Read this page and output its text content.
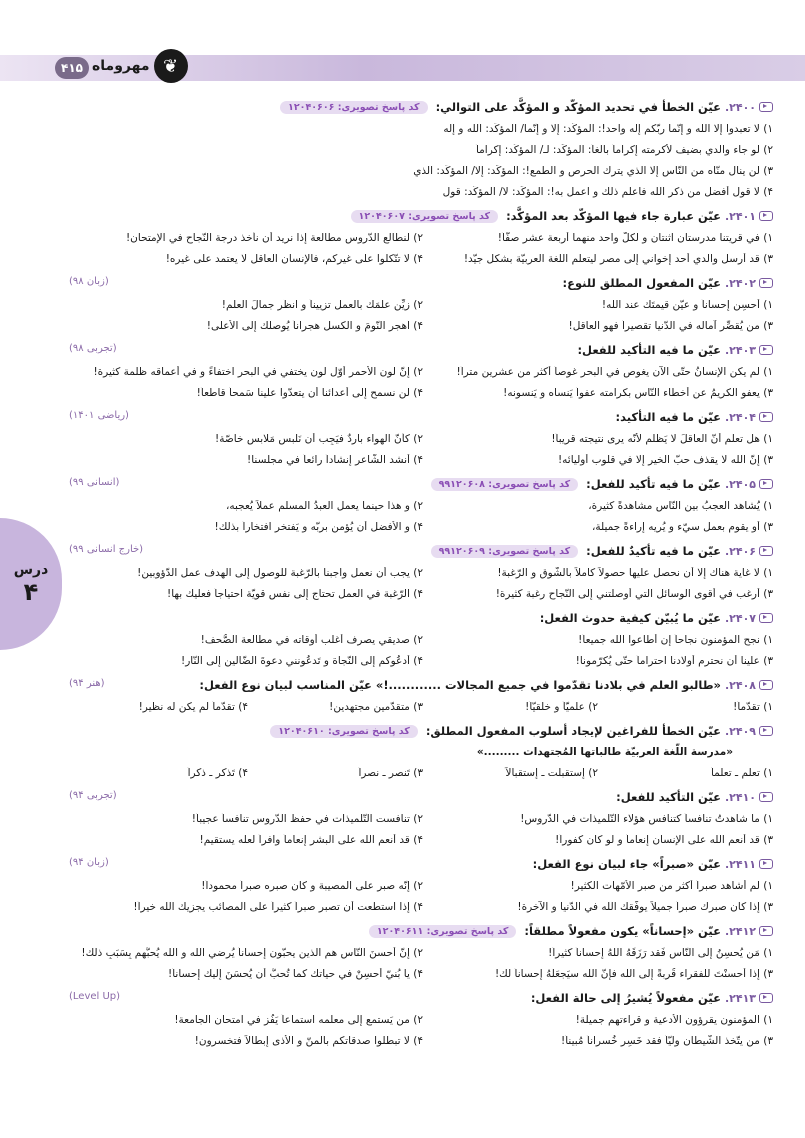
۴۱۵	❦
مهروماه
درس
۴
۲۴۰۰.
عيّن الخطأ في تحديد المؤكّد و المؤكَّد على التوالي:
کد پاسخ تصویری: ۱۲۰۴۰۶۰۶
۱) لا تعبدوا إلّا الله و إنّما ربّكم إله واحد!: المؤكَّد: إلّا و إنّما/ المؤكَّد: الله و إله
۲) لو جاء والدي بضيف لأكرمته إكراماً بالغاً: المؤكِّد: لـ/ المؤكَّد: إكراماً
۳) لن ينال منّاه من النّاس إلّا الّذي يترك الحرص و الطمع!: المؤكِّد: إلّا/ المؤكَّد: الّذي
۴) لا قول أفضل من ذكر الله فاعلم ذلك و اعمل به!: المؤكِّد: لا/ المؤكَّد: قول
۲۴۰۱.
عيّن عبارة جاء فيها المؤكّد بعد المؤكَّد:
کد پاسخ تصویری: ۱۲۰۴۰۶۰۷
۱) في قريتنا مدرستان اثنتان و لكلّ واحد منهما أربعة عشر صفّاً!
۲) لنطالع الدّروس مطالعة إذا نريد أن نأخذ درجة النّجاح في الإمتحان!
۳) قد أرسل والدي أحد إخواني إلى مصر ليتعلّم اللّغة العربيّة بشكل جيّد!
۴) لا تتّكلوا على غيركم، فالإنسان العاقل لا يعتمد على غيره!
۲۴۰۲.
عيّن المفعول المطلق للنوع:
(زبان ۹۸)
۱) أحسِن إحساناً و عيّن قيمتَك عند الله!
۲) زيِّن علمَك بالعمل تزييناً و انظُر جمالَ العلم!
۳) من يُقصِّر آماله في الدّنيا تقصيراً فهو العاقل!
۴) اُهجر النّومَ و الكسل هجراناً يُوصلك إلى الأعلى!
۲۴۰۳.
عيّن ما فيه التأكيد للفعل:
(تجربی ۹۸)
۱) لم يكن الإنسانُ حتّى الآن يغوص في البحر غوصاً أكثر من عشرين متراً!
۲) إنّ لون الأحمر أوّل لون يختفي في البحر اختفاءً و في أعماقه ظلمة كثيرة!
۳) يعفو الكريمُ عن أخطاء النّاس بكرامته عفواً يَنساه و يَنسونه!
۴) لن نسمح إلى أعدائنا أن يتعدّوا علينا سَمحاً قاطعاً!
۲۴۰۴.
عيّن ما فيه التأكيد:
(ریاضی ۱۴۰۱)
۱) هل تعلّم أنّ العاقلَ لا يَظلم لأنّه يرى نتيجته قريباً!
۲) كأنّ الهواء باردٌ فيَجِب أن نَلبس مَلابس خاصّة!
۳) إنّ الله لا يقذف حبّ الخير إلّا في قلوب أوليائه!
۴) أنشد الشّاعر إنشاداً رائعاً في مجلسنا!
۲۴۰۵.
عيّن ما فيه تأكيد للفعل:
کد پاسخ تصویری: ۹۹۱۲۰۶۰۸
(انسانی ۹۹)
۱) يُشاهد العجبُ بين النّاس مشاهدةً كثيرة،
۲) و هذا حينما يعمل العبدُ المسلم عملاً يُعجبه،
۳) أو يقوم بعمل سيّء و يُريه إراءةً جميلة،
۴) و الأفضل أن يُؤمن بربّه و يَفتخر افتخاراً بذلك!
۲۴۰۶.
عيّن ما فيه تأكيدٌ للفعل:
کد پاسخ تصویری: ۹۹۱۲۰۶۰۹
(خارج انسانی ۹۹)
۱) لا غاية هناك إلّا أن نحصل عليها حصولاً كاملاً بالشّوق و الرّغبة!
۲) يجب أن نعمل واجبنا بالرّغبة للوصول إلى الهدف عمل الدّؤوبين!
۳) أرغب في أقوى الوسائل الّتي أوصلتني إلى النّجاح رغبة كثيرة!
۴) الرّغبة في العمل تحتاج إلى نفس قويّة احتياجاً فعليك بها!
۲۴۰۷.
عيّن ما يُبيّن كيفية حدوث الفعل:
۱) نجح المؤمنون نجاحاً إن أطاعوا الله جميعاً!
۲) صديقي يصرف أغلب أوقاته في مطالعة الصُّحف!
۳) علينا أن نحترم أولادنا احتراماً حتّى يُكرّمونا!
۴) أدعُوكم إلى النّجاة و تَدعُونني دعوةَ الضّالّين إلى النّار!
۲۴۰۸.
«طالبو العلم في بلادنا تقدّموا في جميع المجالات ............!» عيّن المناسب لبيان نوع الفعل:
(هنر ۹۴)
۱) تقدّماً!
۲) علميّاً و خلقيّاً!
۳) متقدّمين مجتهدين!
۴) تقدّماً لم يكن له نظير!
۲۴۰۹.
عيّن الخطأ للفراغين لإيجاد أسلوب المفعول المطلق:
کد پاسخ تصویری: ۱۲۰۴۰۶۱۰
«مدرسة اللّغة العربيّة طالباتها المُجتهدات .........»
۱) تعلّم ـ تعلّماً
۲) إستقبلت ـ إستقبالاً
۳) تَنصر ـ نصراً
۴) تَذكر ـ ذكراً
۲۴۱۰.
عيّن التأكيد للفعل:
(تجربی ۹۴)
۱) ما شاهدتُ تنافساً كتنافس هؤلاء التّلميذات في الدّروس!
۲) تنافست التّلميذات في حفظ الدّروس تنافساً عجيباً!
۳) قد أنعم الله على الإنسان إنعاماً و لو كان كفوراً!
۴) قد أنعم الله على البشر إنعاماً وافراً لعلّه يستقيم!
۲۴۱۱.
عيّن «صبراً» جاء لبيان نوع الفعل:
(زبان ۹۴)
۱) لم أشاهد صبراً أكثر من صبر الأمّهات الكثير!
۲) إنّه صبر على المصيبة و كان صبره صبراً محموداً!
۳) إذا كان صبرك صبراً جميلاً يوفّقك الله في الدّنيا و الآخرة!
۴) إذا استطعت أن تصبر صبراً كثيراً على المصائب يجزيك الله خيراً!
۲۴۱۲.
عيّن «إحساناً» يكون مفعولاً مطلقاً:
کد پاسخ تصویری: ۱۲۰۴۰۶۱۱
۱) مَن يُحسِنُ إلى النّاس فَقد رَزَقَهُ اللهُ إحساناً كثيراً!
۲) إنّ أحسنَ النّاس هم الّذين يحبّون إحساناً يُرضي الله و الله يُحبُّهم بِسَبَبِ ذلك!
۳) إذا أحسنْتَ للفقراء قُربةً إلى الله فإنّ الله سيَجعَلُهُ إحساناً لك!
۴) يا بُنيّ أحسِنْ في حياتك كما تُحبُّ أن يُحسَنَ إليك إحساناً!
۲۴۱۳.
عيّن مفعولاً يُشيرُ إلى حالة الفعل:
(Level Up)
۱) المؤمنون يقرؤون الأدعية و قراءتهم جميلة!
۲) من يَستمع إلى معلّمه استماعاً يَفُز في امتحان الجامعة!
۳) من يتّخذ الشّيطان وليّاً فقد خَسِر خُسراناً مُبيناً!
۴) لا تبطلوا صدقاتكم بالمنّ و الأذى إبطالاً فتخسرون!
